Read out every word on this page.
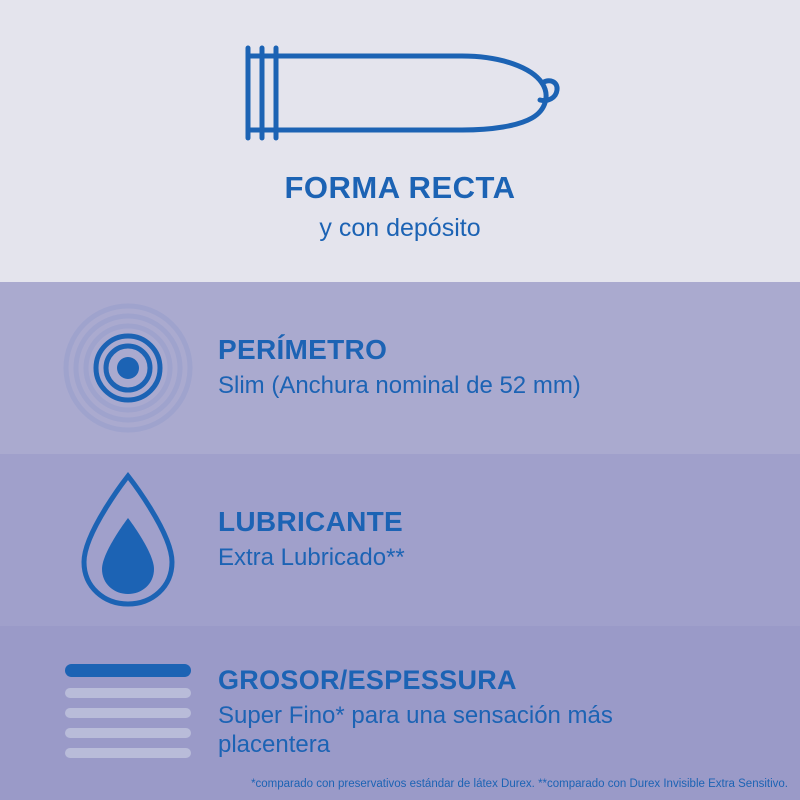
FORMA RECTA
y con depósito
PERÍMETRO
Slim (Anchura nominal de 52 mm)
LUBRICANTE
Extra Lubricado**
GROSOR/ESPESSURA
Super Fino* para una sensación más placentera
*comparado con preservativos estándar de látex Durex. **comparado con Durex Invisible Extra Sensitivo.
